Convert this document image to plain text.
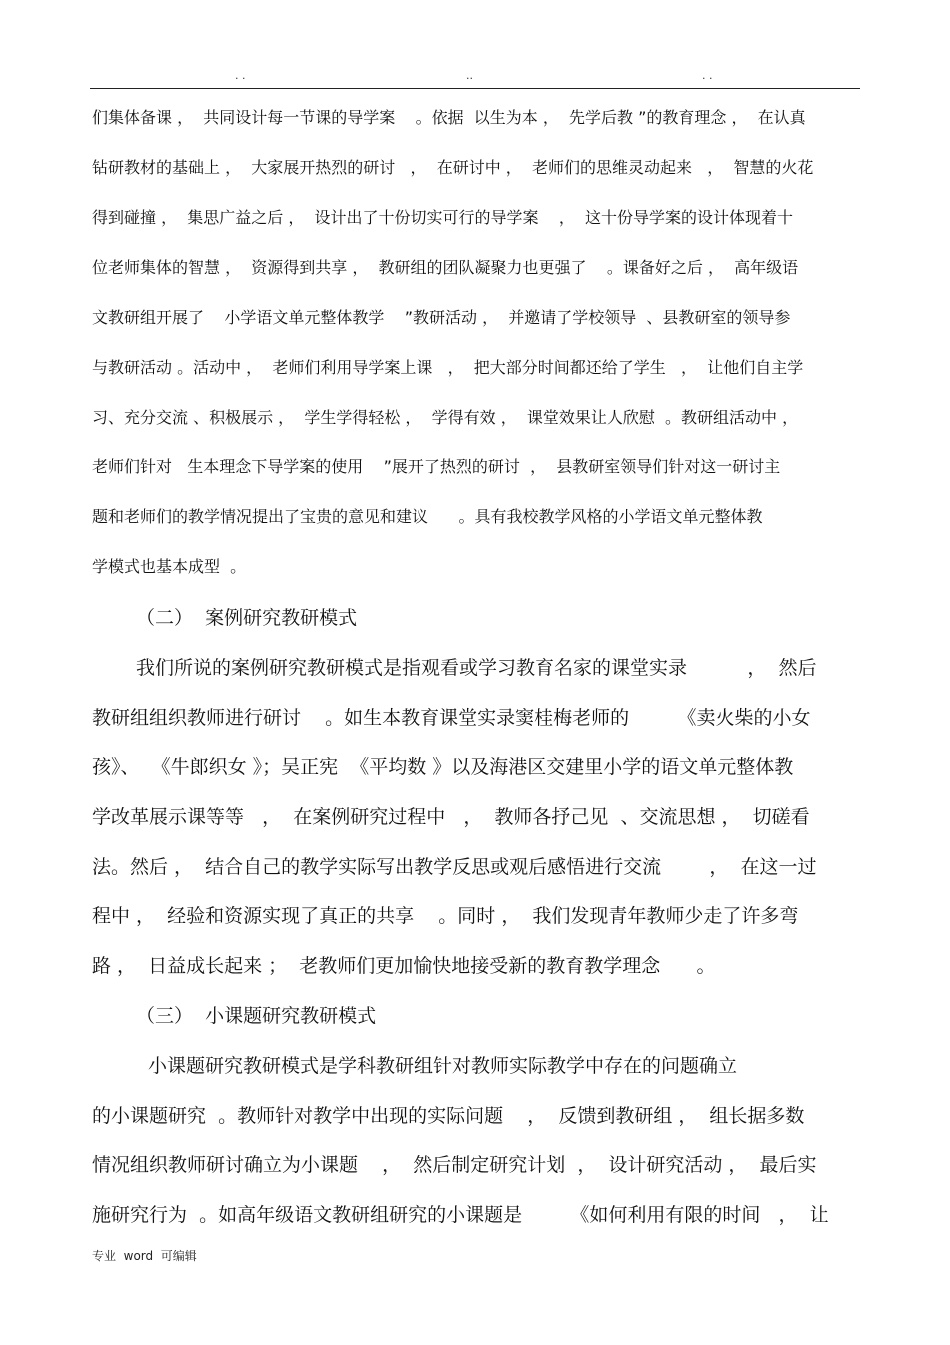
. .	..	. .
们集体备课 ，  共同设计每一节课的导学案    。依据  以生为本 ，  先学后教 ”的教育理念 ，  在认真
钻研教材的基础上 ，  大家展开热烈的研讨   ，  在研讨中 ，  老师们的思维灵动起来   ，  智慧的火花
得到碰撞 ，  集思广益之后 ，  设计出了十份切实可行的导学案    ，  这十份导学案的设计体现着十
位老师集体的智慧 ，  资源得到共享 ，  教研组的团队凝聚力也更强了    。课备好之后 ，  高年级语
文教研组开展了    小学语文单元整体教学    ”教研活动 ，  并邀请了学校领导  、县教研室的领导参
与教研活动 。活动中 ，  老师们利用导学案上课   ，  把大部分时间都还给了学生   ，  让他们自主学
习、充分交流 、积极展示 ，  学生学得轻松 ，  学得有效 ，  课堂效果让人欣慰  。教研组活动中 ，
老师们针对   生本理念下导学案的使用    ”展开了热烈的研讨  ，  县教研室领导们针对这一研讨主
题和老师们的教学情况提出了宝贵的意见和建议      。具有我校教学风格的小学语文单元整体教
学模式也基本成型  。
（二）  案例研究教研模式
我们所说的案例研究教研模式是指观看或学习教育名家的课堂实录          ，  然后
教研组组织教师进行研讨    。如生本教育课堂实录窦桂梅老师的        《卖火柴的小女
孩》、  《牛郎织女 》；吴正宪  《平均数 》以及海港区交建里小学的语文单元整体教
学改革展示课等等   ，  在案例研究过程中   ，  教师各抒己见  、交流思想 ，  切磋看
法。然后 ，  结合自己的教学实际写出教学反思或观后感悟进行交流        ，  在这一过
程中 ，  经验和资源实现了真正的共享    。同时 ，  我们发现青年教师少走了许多弯
路 ，  日益成长起来 ；  老教师们更加愉快地接受新的教育教学理念      。
（三）  小课题研究教研模式
小课题研究教研模式是学科教研组针对教师实际教学中存在的问题确立
的小课题研究  。教师针对教学中出现的实际问题    ，  反馈到教研组 ，  组长据多数
情况组织教师研讨确立为小课题    ，  然后制定研究计划  ，  设计研究活动 ，  最后实
施研究行为  。如高年级语文教研组研究的小课题是        《如何利用有限的时间   ，  让
专业  word  可编辑
